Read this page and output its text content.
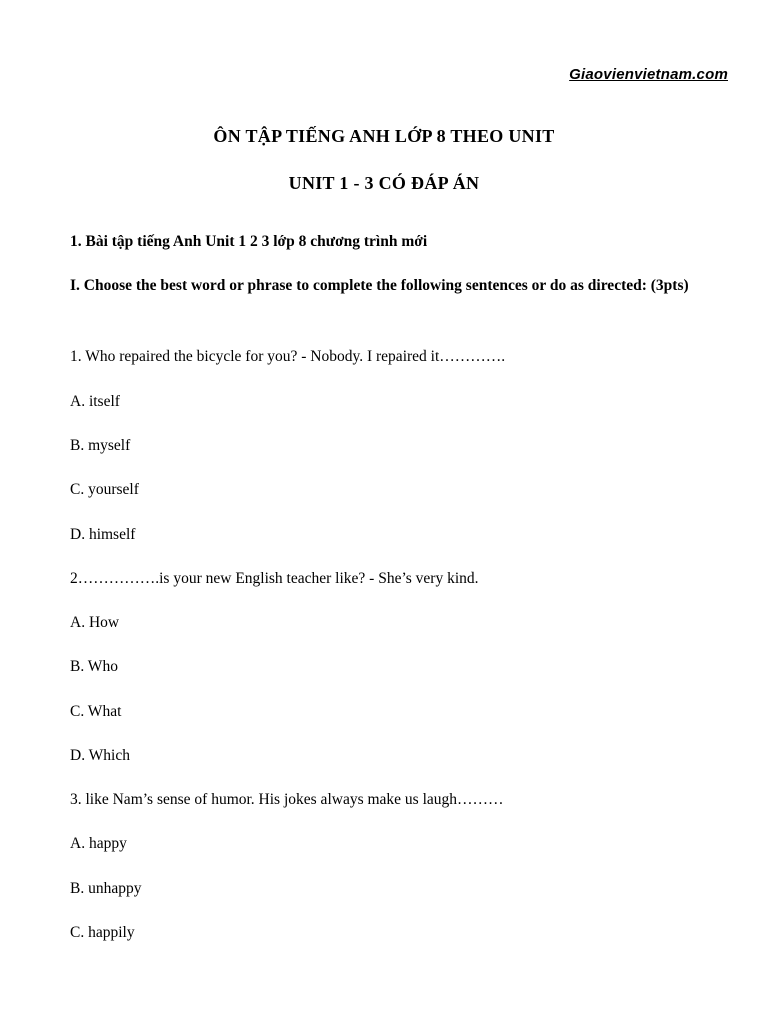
Giaovienvietnam.com
ÔN TẬP TIẾNG ANH LỚP 8 THEO UNIT
UNIT 1 - 3 CÓ ĐÁP ÁN
1. Bài tập tiếng Anh Unit 1 2 3 lớp 8 chương trình mới
I. Choose the best word or phrase to complete the following sentences or do as directed: (3pts)
1. Who repaired the bicycle for you? - Nobody. I repaired it………….
A. itself
B. myself
C. yourself
D. himself
2…………….is your new English teacher like? - She’s very kind.
A. How
B. Who
C. What
D. Which
3. like Nam’s sense of humor. His jokes always make us laugh………
A. happy
B. unhappy
C. happily
